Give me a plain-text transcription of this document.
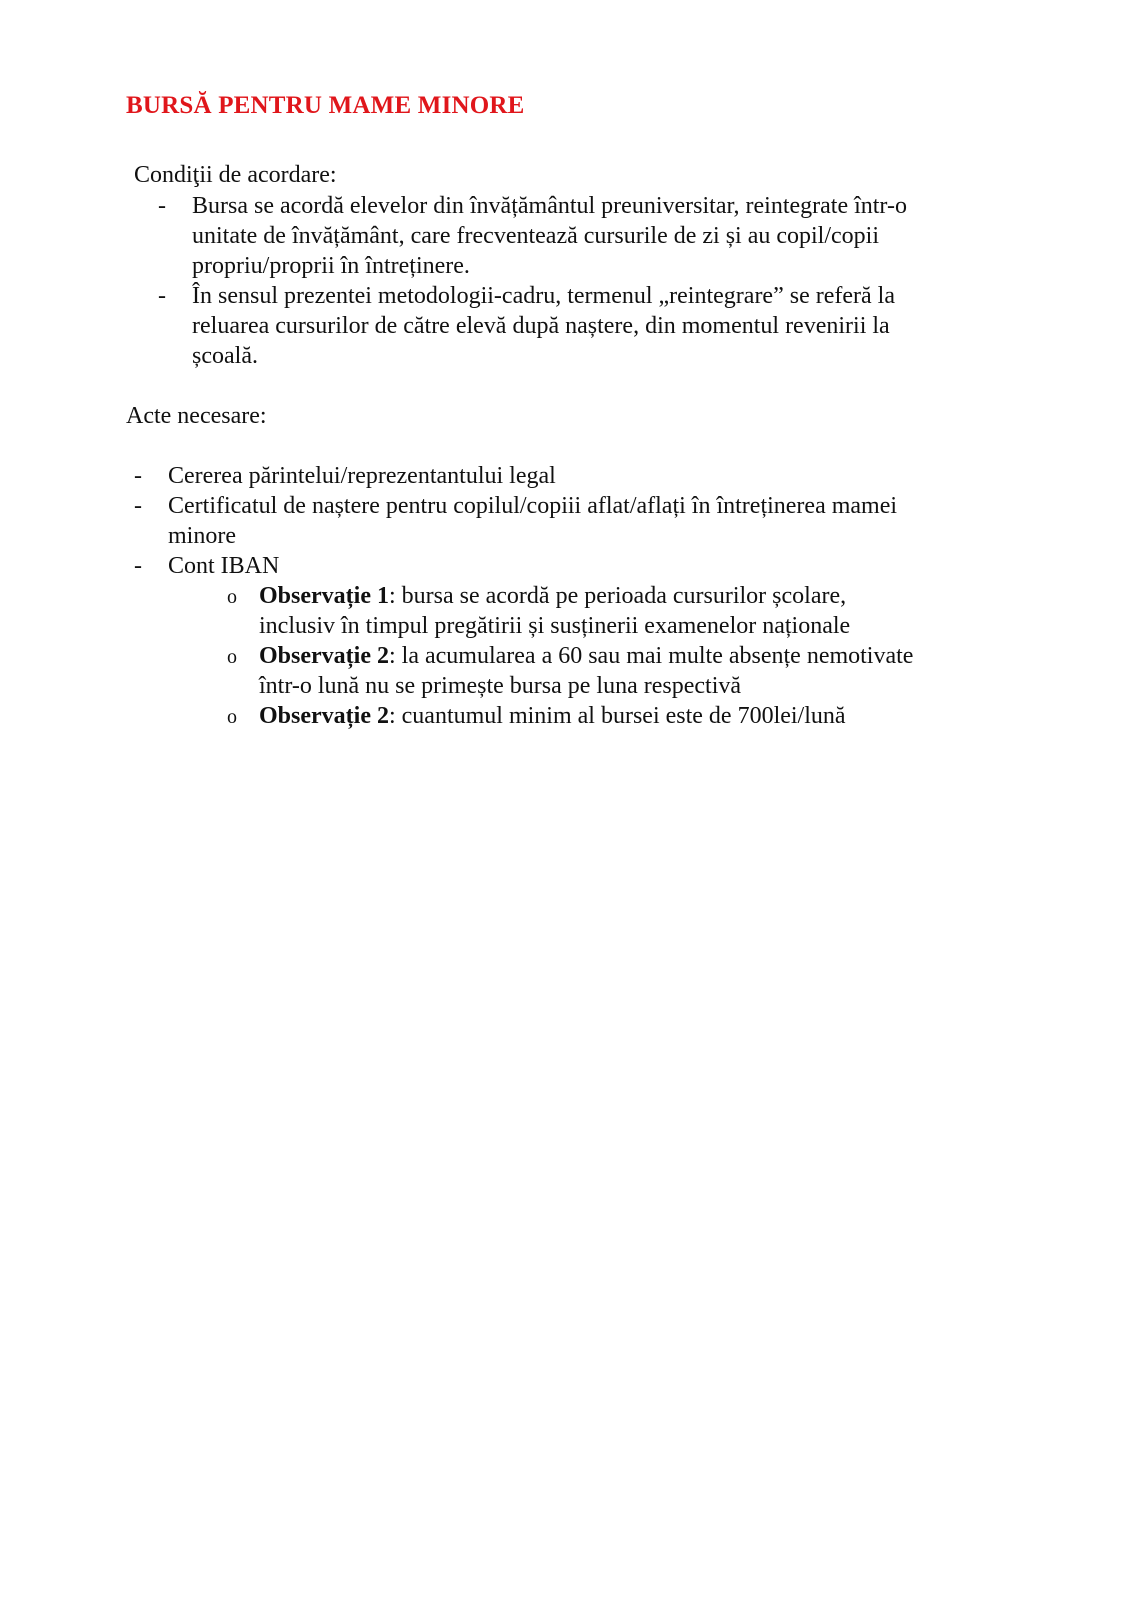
BURSĂ PENTRU MAME MINORE
Condiţii de acordare:
- Bursa se acordă elevelor din învățământul preuniversitar, reintegrate într-o
unitate de învățământ, care frecventează cursurile de zi și au copil/copii
propriu/proprii în întreținere.
- În sensul prezentei metodologii-cadru, termenul „reintegrare” se referă la
reluarea cursurilor de către elevă după naștere, din momentul revenirii la
școală.
Acte necesare:
- Cererea părintelui/reprezentantului legal
- Certificatul de naștere pentru copilul/copiii aflat/aflați în întreținerea mamei
minore
- Cont IBAN
o Observație 1: bursa se acordă pe perioada cursurilor școlare,
inclusiv în timpul pregătirii și susținerii examenelor naționale
o Observație 2: la acumularea a 60 sau mai multe absențe nemotivate
într-o lună nu se primește bursa pe luna respectivă
o Observație 2: cuantumul minim al bursei este de 700lei/lună
